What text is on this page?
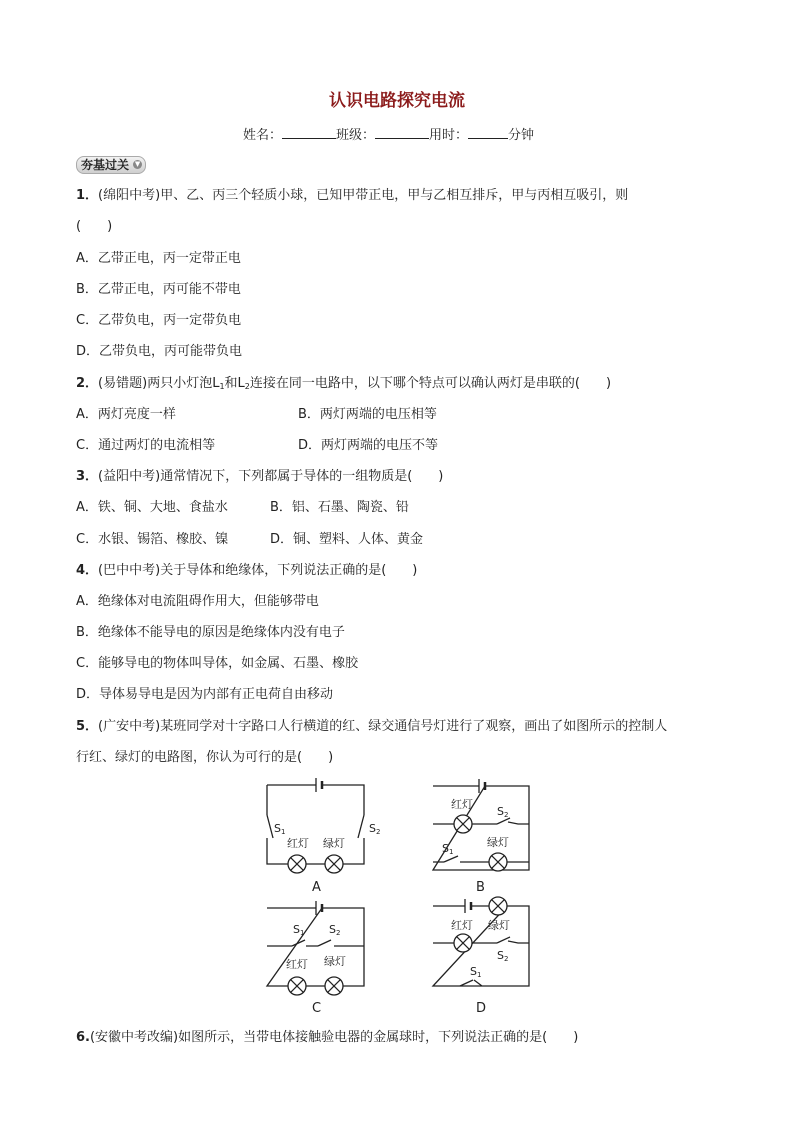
认识电路探究电流
姓名：	班级：	用时：	分钟
夯基过关 ▼
1．(绵阳中考)甲、乙、丙三个轻质小球，已知甲带正电，甲与乙相互排斥，甲与丙相互吸引，则
(　　)
A．乙带正电，丙一定带正电
B．乙带正电，丙可能不带电
C．乙带负电，丙一定带负电
D．乙带负电，丙可能带负电
2．(易错题)两只小灯泡$L_1$和$L_2$连接在同一电路中，以下哪个特点可以确认两灯是串联的(　　)
A．两灯亮度一样	B．两灯两端的电压相等
C．通过两灯的电流相等	D．两灯两端的电压不等
3．(益阳中考)通常情况下，下列都属于导体的一组物质是(　　)
A．铁、铜、大地、食盐水	B．铝、石墨、陶瓷、铅
C．水银、锡箔、橡胶、镍	D．铜、塑料、人体、黄金
4．(巴中中考)关于导体和绝缘体，下列说法正确的是(　　)
A．绝缘体对电流阻碍作用大，但能够带电
B．绝缘体不能导电的原因是绝缘体内没有电子
C．能够导电的物体叫导体，如金属、石墨、橡胶
D．导体易导电是因为内部有正电荷自由移动
5．(广安中考)某班同学对十字路口人行横道的红、绿交通信号灯进行了观察，画出了如图所示的控制人
行红、绿灯的电路图，你认为可行的是(　　)
S1	S2
红灯 绿灯
A
红灯
S2
S1
绿灯
B
S1 S2
红灯 绿灯
C
红灯 绿灯
S2
S1
D
6.(安徽中考改编)如图所示，当带电体接触验电器的金属球时，下列说法正确的是(　　)
